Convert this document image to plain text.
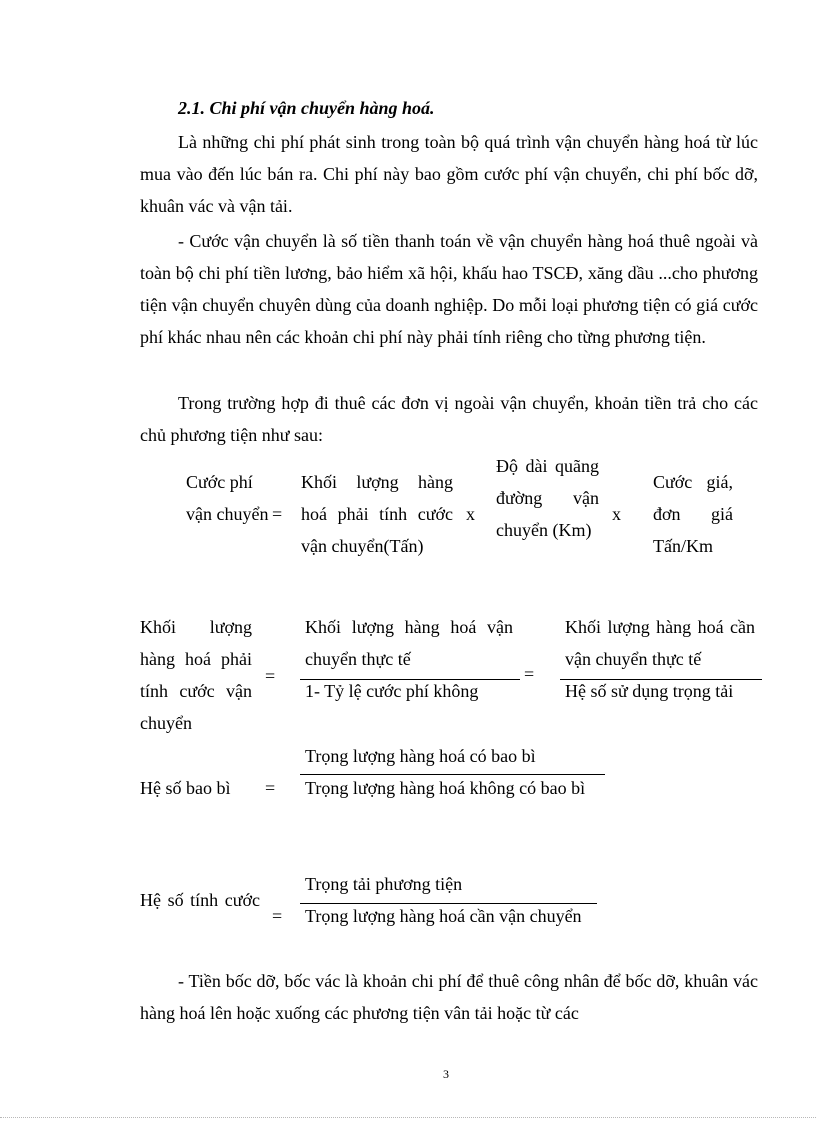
2.1. Chi phí vận chuyển hàng hoá.
Là những chi phí phát sinh trong toàn bộ quá trình vận chuyển hàng hoá từ lúc mua vào đến lúc bán ra. Chi phí này bao gồm cước phí vận chuyển, chi phí bốc dỡ, khuân vác và vận tải.
- Cước vận chuyển là số tiền thanh toán về vận chuyển hàng hoá thuê ngoài và toàn bộ chi phí tiền lương, bảo hiểm xã hội, khấu hao TSCĐ, xăng dầu ...cho phương tiện vận chuyển chuyên dùng của doanh nghiệp. Do mỗi loại phương tiện có giá cước phí khác nhau nên các khoản chi phí này phải tính riêng cho từng phương tiện.
Trong trường hợp đi thuê các đơn vị ngoài vận chuyển, khoản tiền trả cho các chủ phương tiện như sau:
Cước phí vận chuyển =
Khối lượng hàng hoá phải tính cước vận chuyển(Tấn)
x
Độ dài quãng đường vận chuyển (Km)
x
Cước giá, đơn giá Tấn/Km
Khối lượng hàng hoá phải tính cước vận chuyển
=
Khối lượng hàng hoá vận chuyển thực tế
1- Tỷ lệ cước phí không
=
Khối lượng hàng hoá cần vận chuyển thực tế
Hệ số sử dụng trọng tải
Hệ số bao bì =
Trọng lượng hàng hoá có bao bì
Trọng lượng hàng hoá không có bao bì
Hệ số tính cước
=
Trọng tải phương tiện
Trọng lượng hàng hoá cần vận chuyển
- Tiền bốc dỡ, bốc vác là khoản chi phí để thuê công nhân để bốc dỡ, khuân vác hàng hoá lên hoặc xuống các phương tiện vân tải hoặc từ các
3
